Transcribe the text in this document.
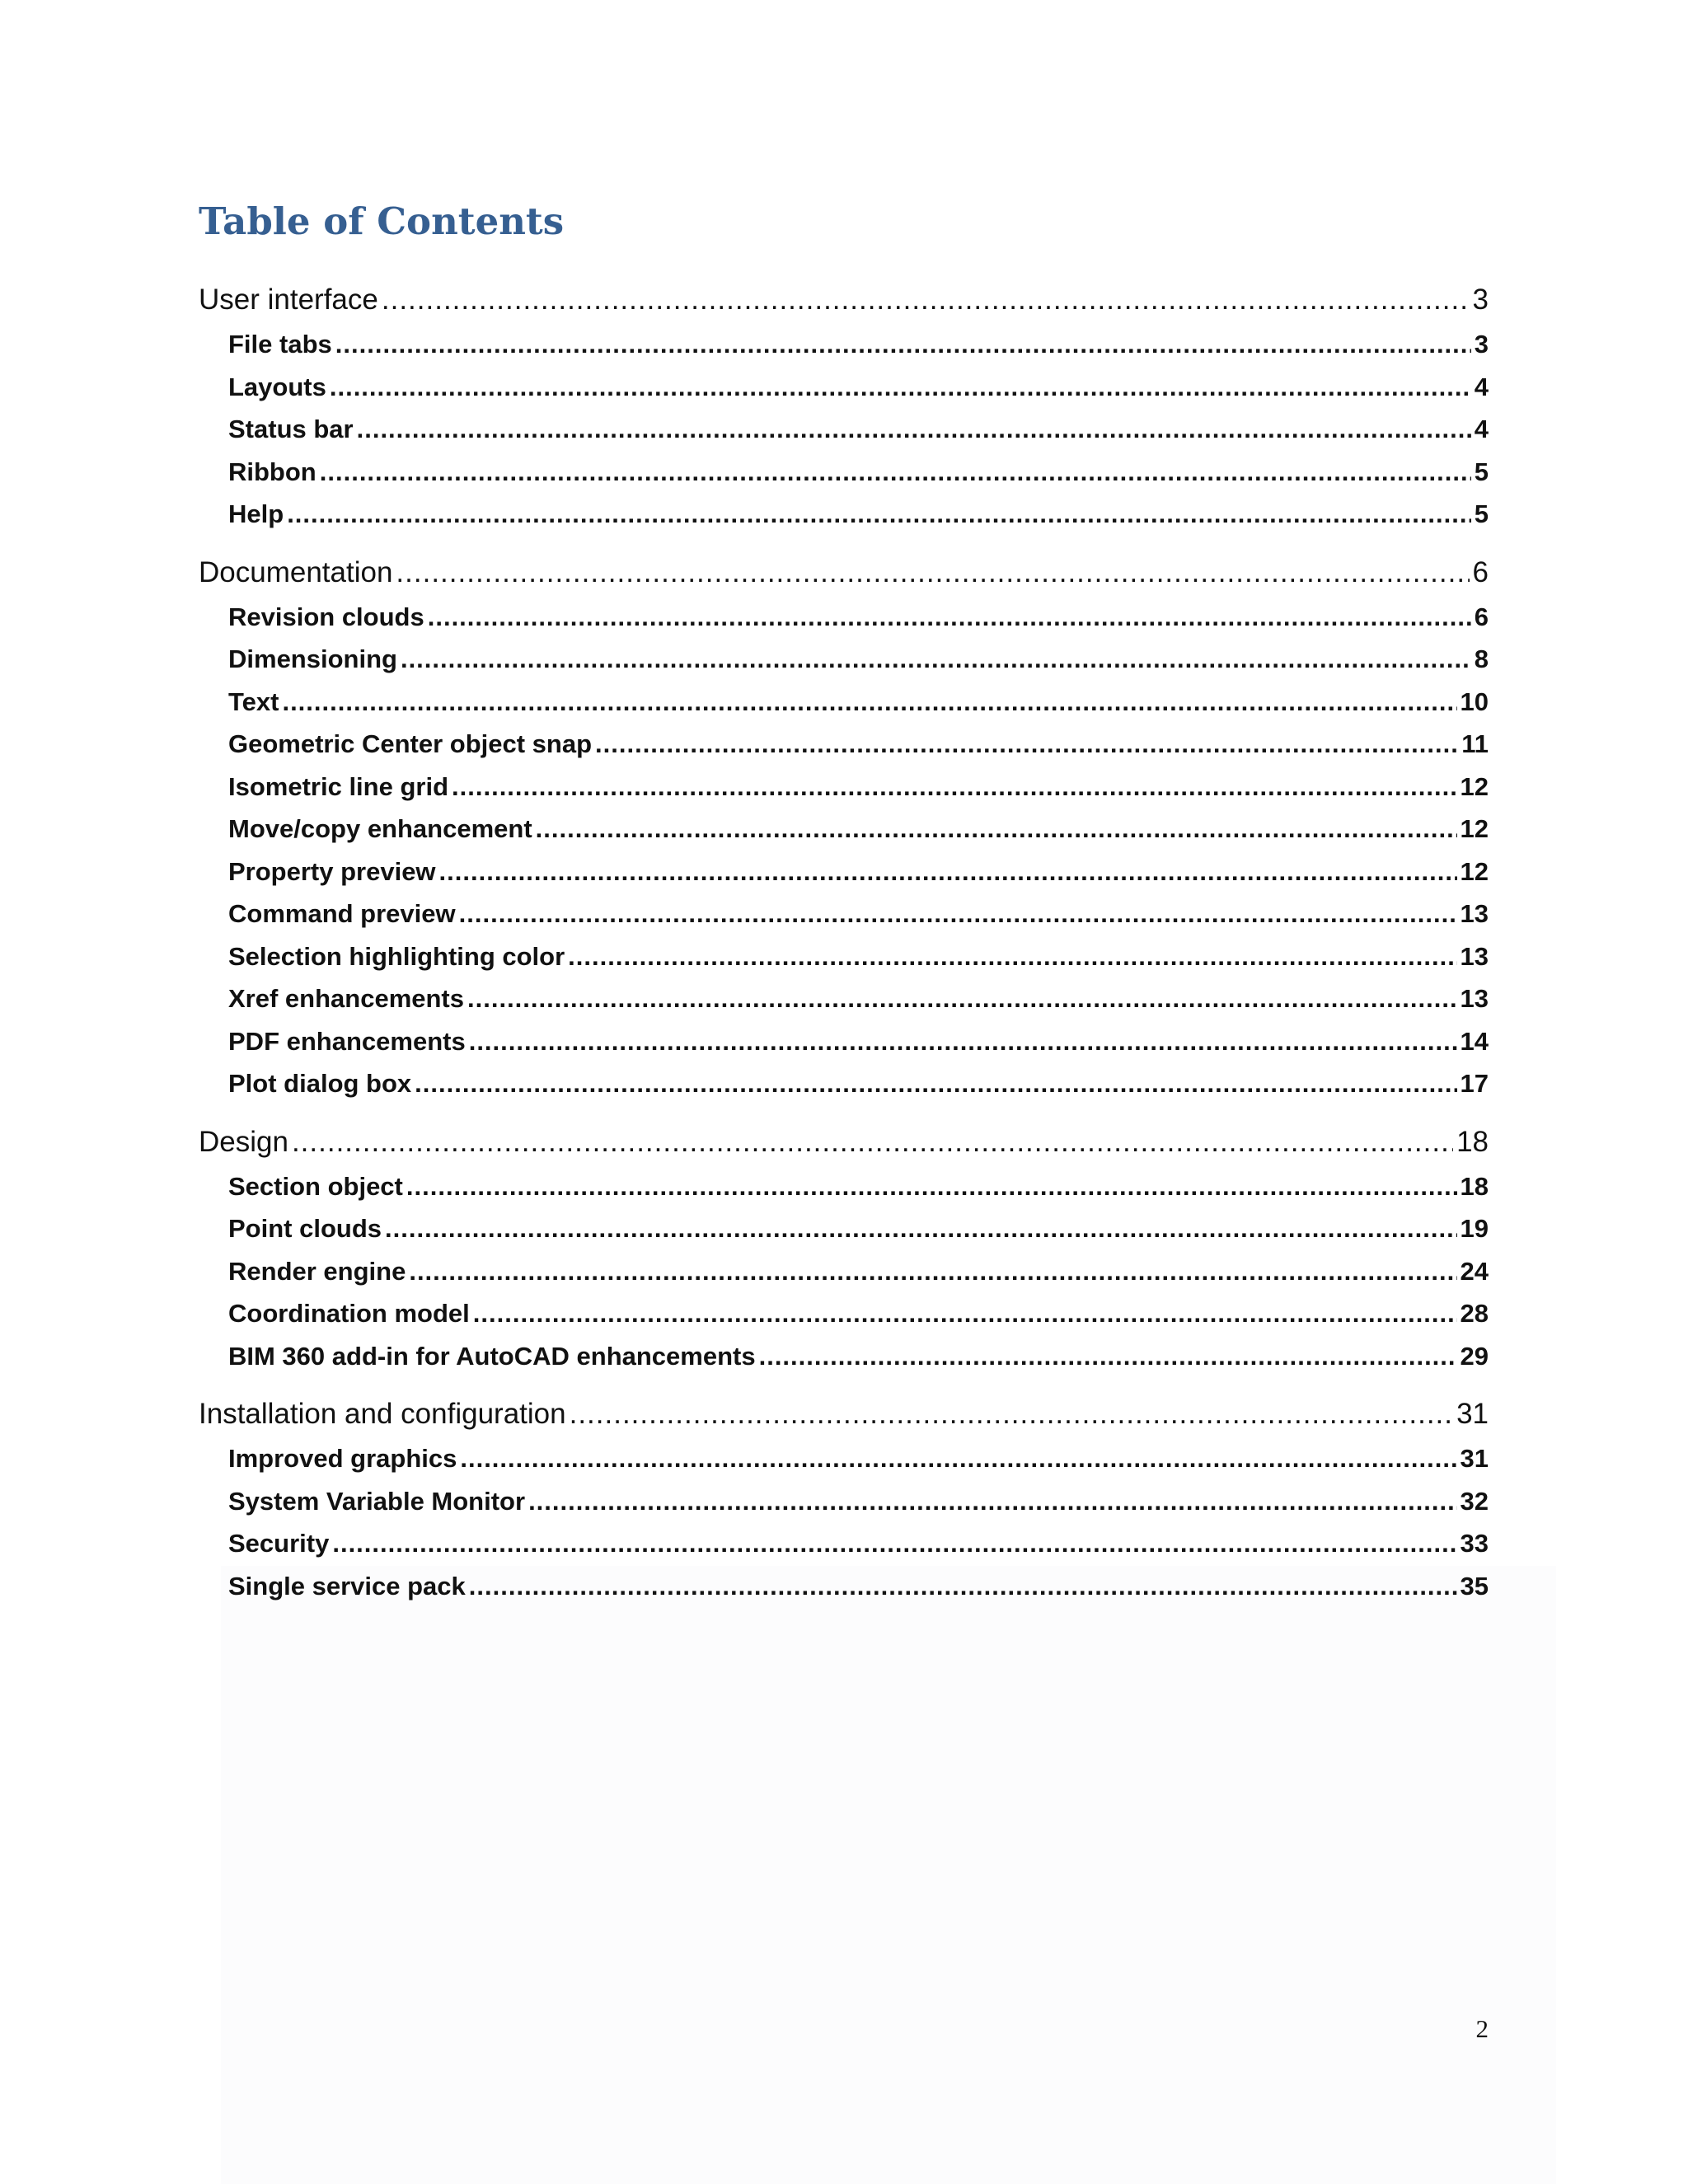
Table of Contents
User interface .....	3
File tabs .....	3
Layouts .....	4
Status bar .....	4
Ribbon .....	5
Help .....	5
Documentation .....	6
Revision clouds .....	6
Dimensioning .....	8
Text .....	10
Geometric Center object snap .....	11
Isometric line grid .....	12
Move/copy enhancement .....	12
Property preview .....	12
Command preview .....	13
Selection highlighting color .....	13
Xref enhancements .....	13
PDF enhancements .....	14
Plot dialog box .....	17
Design .....	18
Section object .....	18
Point clouds .....	19
Render engine .....	24
Coordination model .....	28
BIM 360 add-in for AutoCAD enhancements .....	29
Installation and configuration .....	31
Improved graphics .....	31
System Variable Monitor .....	32
Security .....	33
Single service pack .....	35
2
